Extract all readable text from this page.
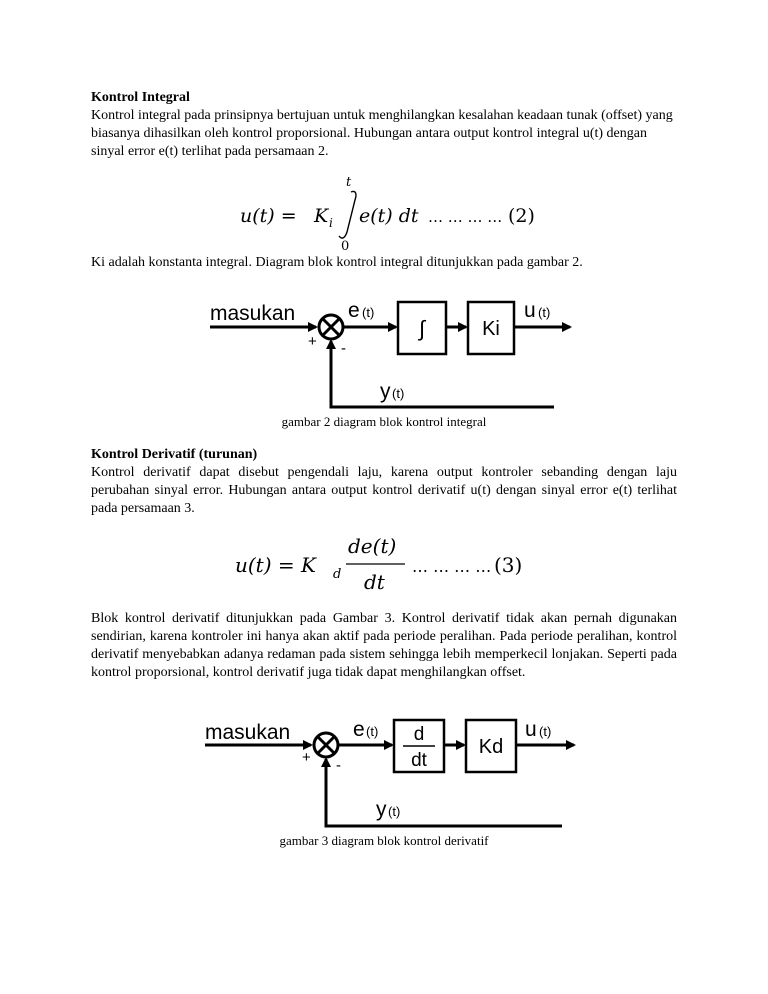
Kontrol Integral
Kontrol integral pada prinsipnya bertujuan untuk menghilangkan kesalahan keadaan tunak (offset) yang biasanya dihasilkan oleh kontrol proporsional. Hubungan antara output kontrol integral u(t) dengan sinyal error e(t) terlihat pada persamaan 2.
u(t) = K i
t
0
e(t) dt … … … … (2)
Ki adalah konstanta integral. Diagram blok kontrol integral ditunjukkan pada gambar 2.
masukan
+ -
e (t)
∫	Ki
u (t)
y (t)
gambar 2 diagram blok kontrol integral
Kontrol Derivatif (turunan)
Kontrol derivatif dapat disebut pengendali laju, karena output kontroler sebanding dengan laju perubahan sinyal error. Hubungan antara output kontrol derivatif u(t) dengan sinyal error e(t) terlihat pada persamaan 3.
u(t) = K d
de(t)
dt
… … … … (3)
Blok kontrol derivatif ditunjukkan pada Gambar 3. Kontrol derivatif tidak akan pernah digunakan sendirian, karena kontroler ini hanya akan aktif pada periode peralihan. Pada periode peralihan, kontrol derivatif menyebabkan adanya redaman pada sistem sehingga lebih memperkecil lonjakan. Seperti pada kontrol proporsional, kontrol derivatif juga tidak dapat menghilangkan offset.
masukan
+ -
e (t) d
dt
Kd
u (t)
y (t)
gambar 3 diagram blok kontrol derivatif
